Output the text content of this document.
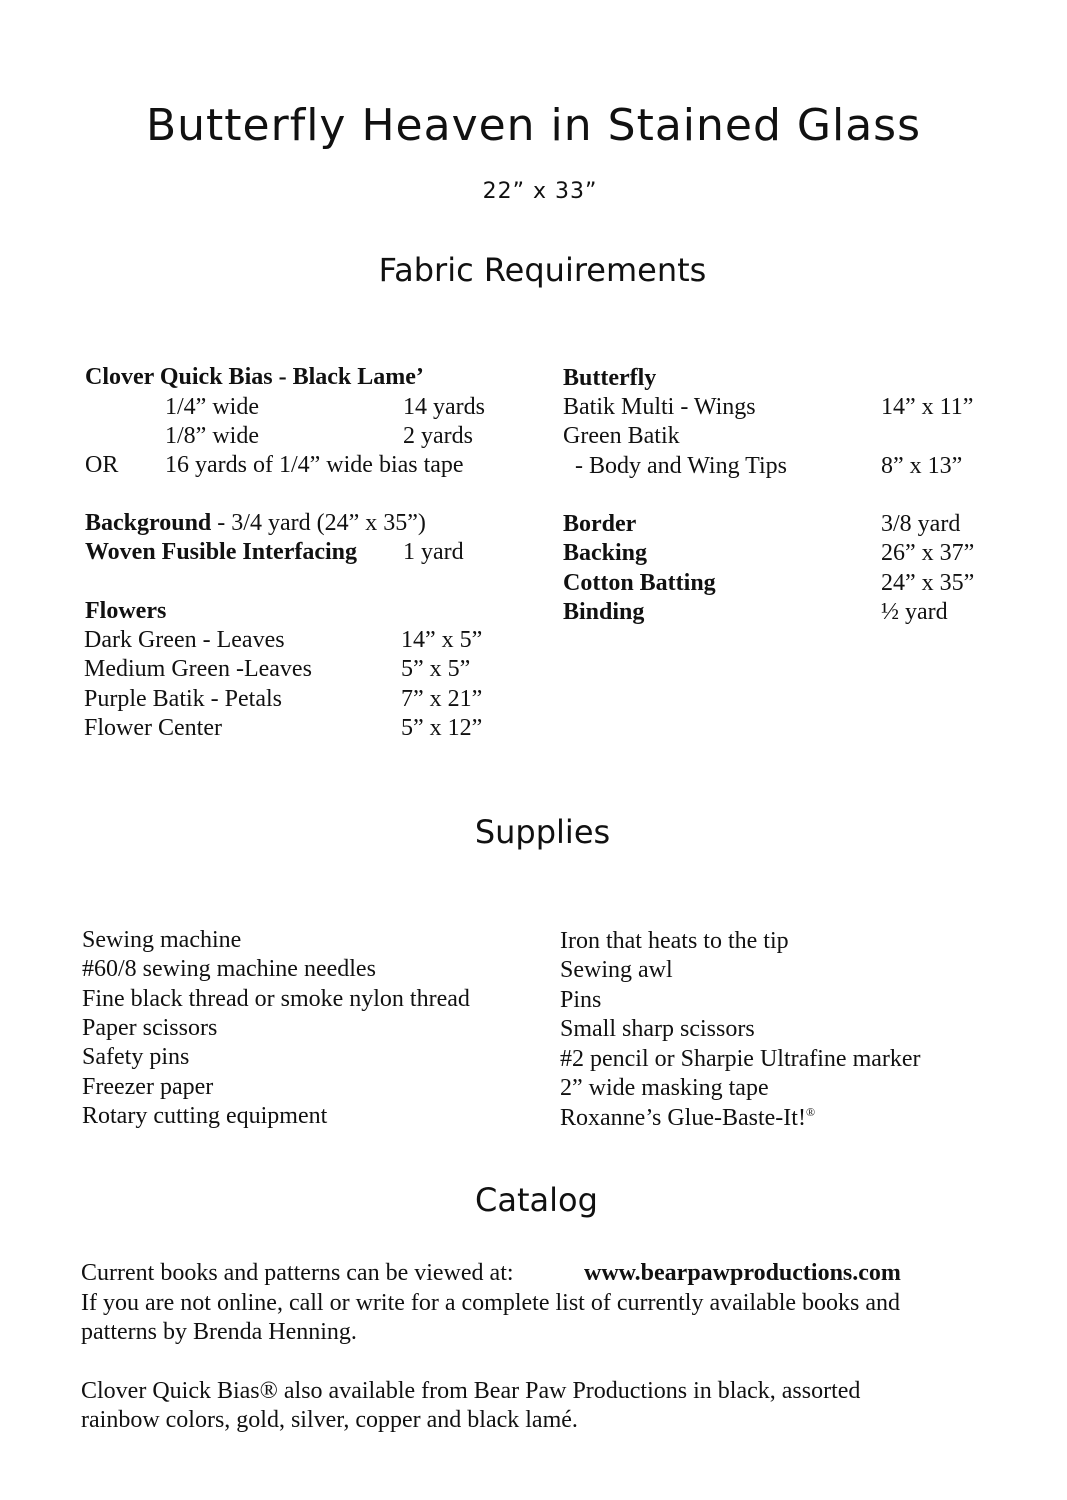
Butterfly Heaven in Stained Glass
22” x 33”
Fabric Requirements
Clover Quick Bias - Black Lame’
1/4” wide	14 yards
1/8” wide	2 yards
OR 16 yards of 1/4” wide bias tape
Background - 3/4 yard (24” x 35”)
Woven Fusible Interfacing 1 yard
Flowers
Dark Green - Leaves	14” x 5”
Medium Green -Leaves	5” x 5”
Purple Batik - Petals	7” x 21”
Flower Center	5” x 12”
Butterfly
Batik Multi - Wings	14” x 11”
Green Batik
- Body and Wing Tips	8” x 13”
Border	3/8 yard
Backing	26” x 37”
Cotton Batting	24” x 35”
Binding	½ yard
Supplies
Sewing machine
#60/8 sewing machine needles
Fine black thread or smoke nylon thread
Paper scissors
Safety pins
Freezer paper
Rotary cutting equipment
Iron that heats to the tip
Sewing awl
Pins
Small sharp scissors
#2 pencil or Sharpie Ultrafine marker
2” wide masking tape
Roxanne’s Glue-Baste-It!®
Catalog
Current books and patterns can be viewed at:	www.bearpawproductions.com
If you are not online, call or write for a complete list of currently available books and
patterns by Brenda Henning.
Clover Quick Bias® also available from Bear Paw Productions in black, assorted
rainbow colors, gold, silver, copper and black lamé.
